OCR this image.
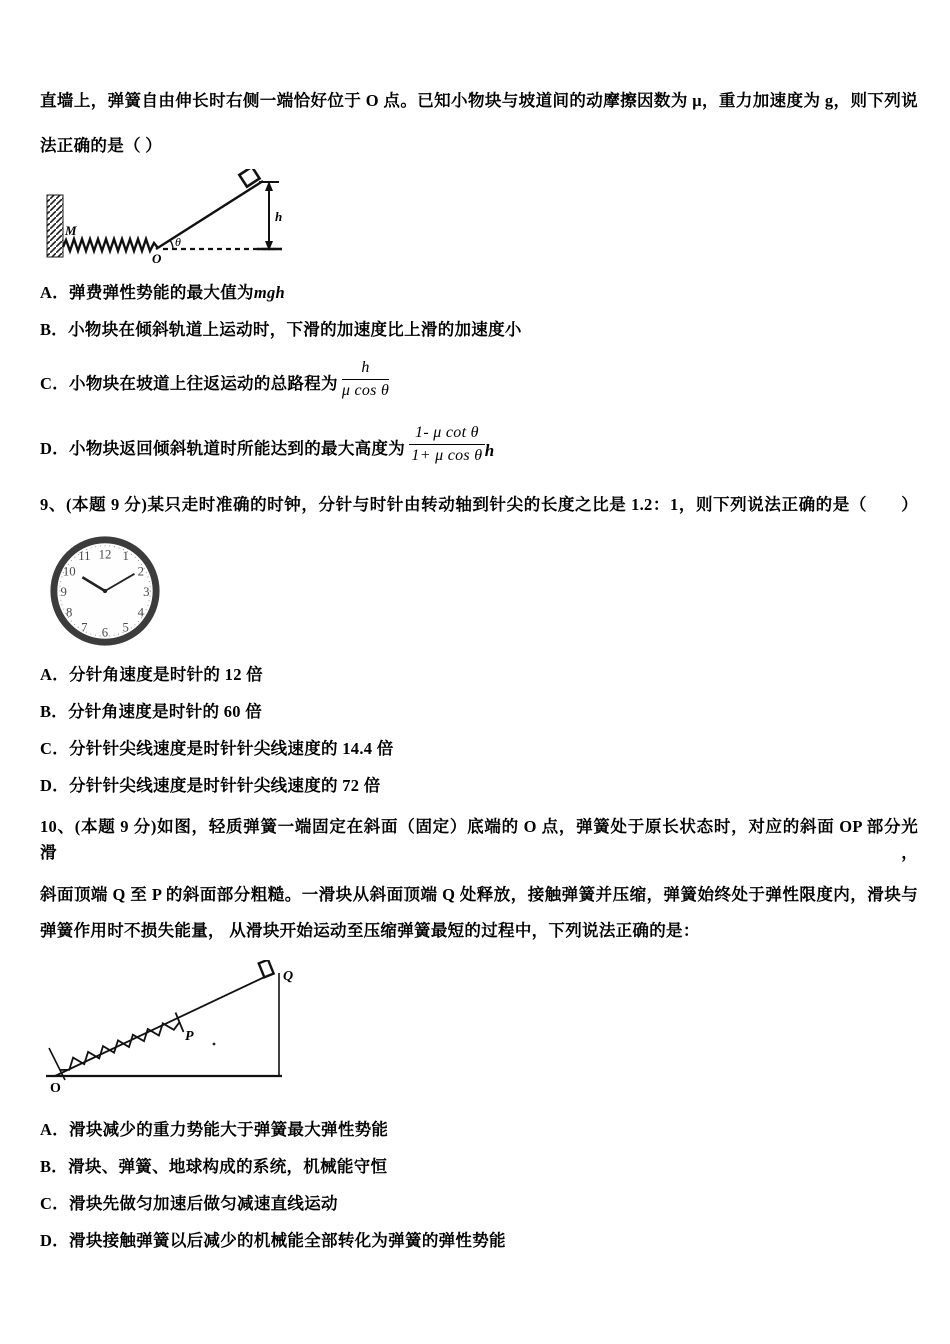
直墙上，弹簧自由伸长时右侧一端恰好位于 O 点。已知小物块与坡道间的动摩擦因数为 μ，重力加速度为 g，则下列说
法正确的是（ ）
M
O
θ
h
A．弹费弹性势能的最大值为mgh
B．小物块在倾斜轨道上运动时，下滑的加速度比上滑的加速度小
C．小物块在坡道上往返运动的总路程为 $\frac{h}{\text{μ cos θ}}$
D．小物块返回倾斜轨道时所能达到的最大高度为 $\frac{\text{1- μ cot θ}}{\text{1+ μ cos θ}}$ h
9、(本题 9 分)某只走时准确的时钟，分针与时针由转动轴到针尖的长度之比是 1.2：1，则下列说法正确的是（　　）
12 1
2
3
4
5
6
7
8
9
10
11
A．分针角速度是时针的 12 倍
B．分针角速度是时针的 60 倍
C．分针针尖线速度是时针针尖线速度的 14.4 倍
D．分针针尖线速度是时针针尖线速度的 72 倍
10、(本题 9 分)如图，轻质弹簧一端固定在斜面（固定）底端的 O 点，弹簧处于原长状态时，对应的斜面 OP 部分光滑，
斜面顶端 Q 至 P 的斜面部分粗糙。一滑块从斜面顶端 Q 处释放，接触弹簧并压缩，弹簧始终处于弹性限度内，滑块与
弹簧作用时不损失能量， 从滑块开始运动至压缩弹簧最短的过程中，下列说法正确的是：
O
P
Q
A．滑块减少的重力势能大于弹簧最大弹性势能
B．滑块、弹簧、地球构成的系统，机械能守恒
C．滑块先做匀加速后做匀减速直线运动
D．滑块接触弹簧以后减少的机械能全部转化为弹簧的弹性势能
